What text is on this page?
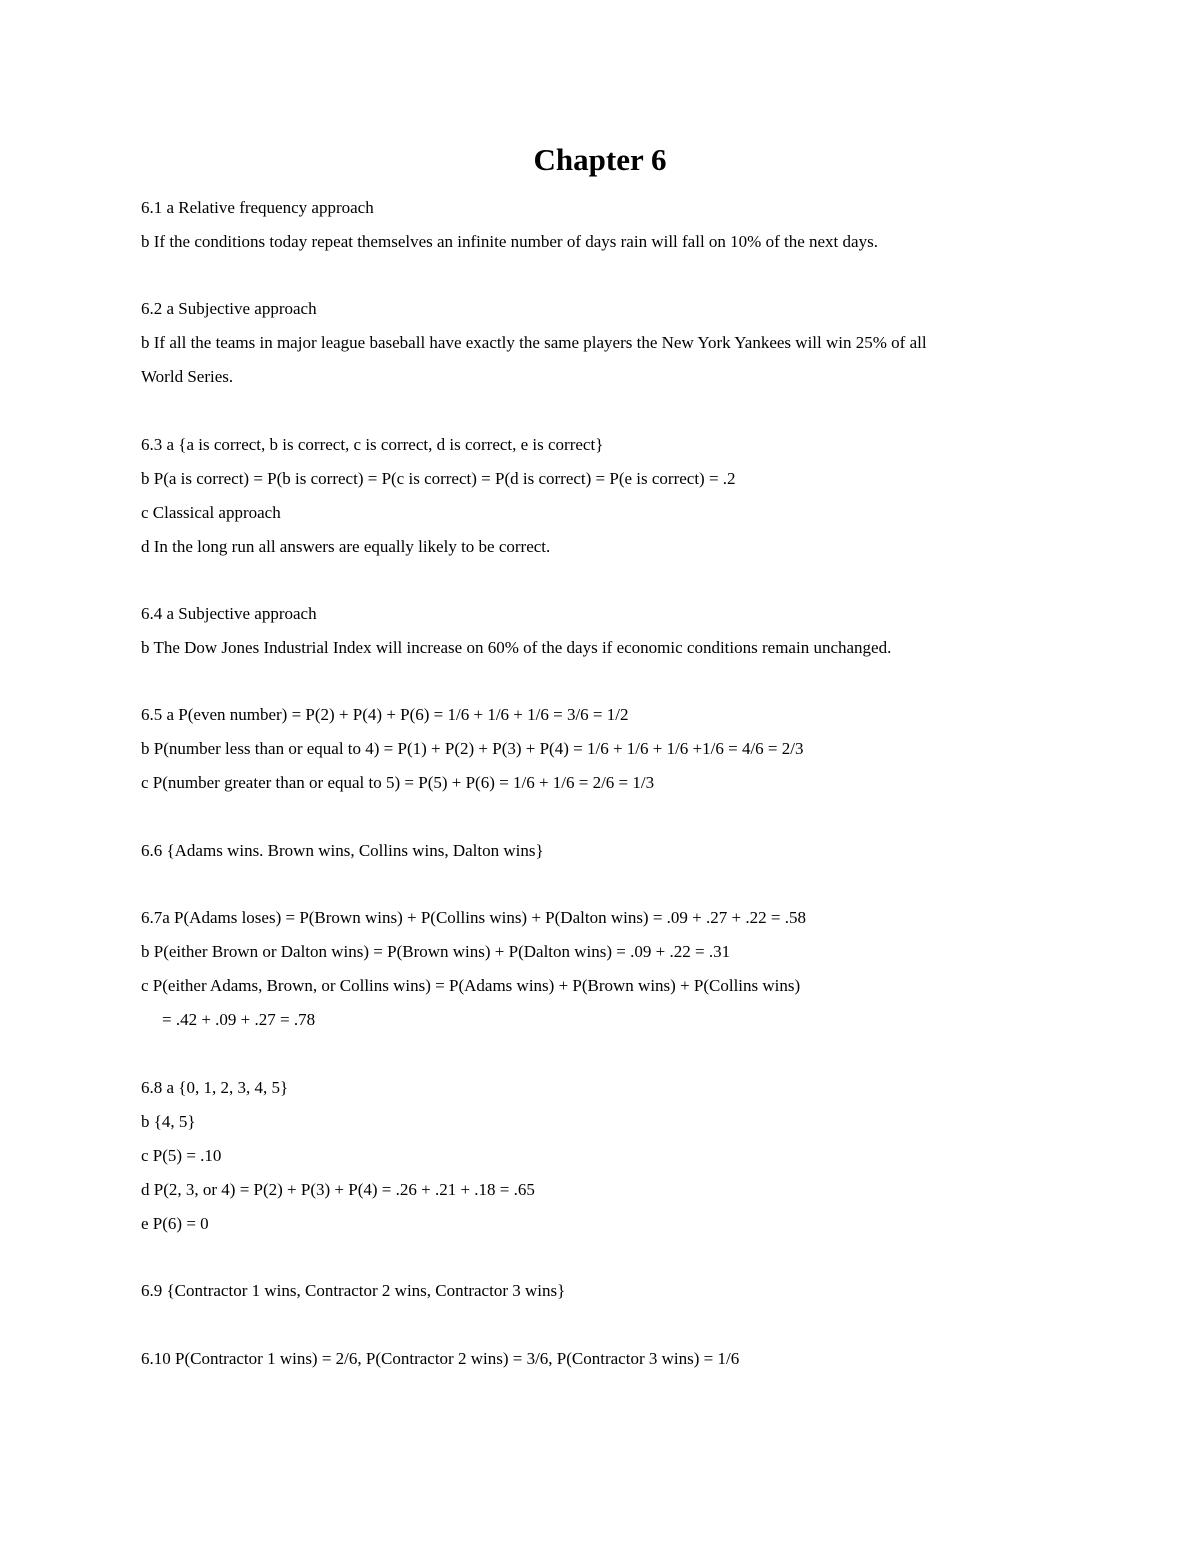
Chapter 6
6.1 a Relative frequency approach
b If the conditions today repeat themselves an infinite number of days rain will fall on 10% of the next days.
6.2 a Subjective approach
b If all the teams in major league baseball have exactly the same players the New York Yankees will win 25% of all
World Series.
6.3 a {a is correct, b is correct, c is correct, d is correct, e is correct}
b P(a is correct) = P(b is correct) = P(c is correct) = P(d is correct) = P(e is correct) = .2
c Classical approach
d In the long run all answers are equally likely to be correct.
6.4 a Subjective approach
b The Dow Jones Industrial Index will increase on 60% of the days if economic conditions remain unchanged.
6.5 a P(even number) = P(2) + P(4) + P(6) = 1/6 + 1/6 + 1/6 = 3/6 = 1/2
b P(number less than or equal to 4) = P(1) + P(2) + P(3) + P(4) = 1/6 + 1/6 + 1/6 +1/6 = 4/6 = 2/3
c P(number greater than or equal to 5) = P(5) + P(6) = 1/6 + 1/6 = 2/6 = 1/3
6.6 {Adams wins. Brown wins, Collins wins, Dalton wins}
6.7a P(Adams loses) = P(Brown wins) + P(Collins wins) + P(Dalton wins) = .09 + .27 + .22 = .58
b P(either Brown or Dalton wins) = P(Brown wins) + P(Dalton wins) = .09 + .22 = .31
c P(either Adams, Brown, or Collins wins) = P(Adams wins) + P(Brown wins) + P(Collins wins)
= .42 + .09 + .27 = .78
6.8 a {0, 1, 2, 3, 4, 5}
b {4, 5}
c P(5) = .10
d P(2, 3, or 4) = P(2) + P(3) + P(4) = .26 + .21 + .18 = .65
e P(6) = 0
6.9 {Contractor 1 wins, Contractor 2 wins, Contractor 3 wins}
6.10 P(Contractor 1 wins) = 2/6, P(Contractor 2 wins) = 3/6, P(Contractor 3 wins) = 1/6
